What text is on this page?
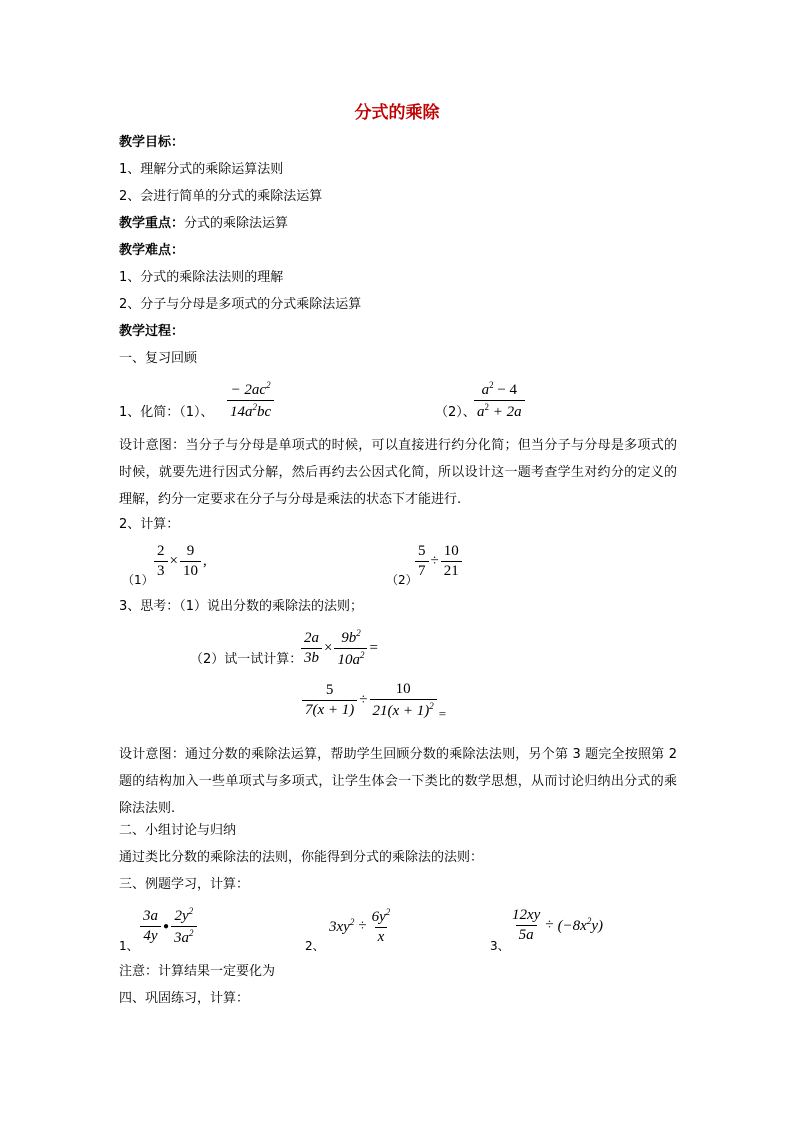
分式的乘除
教学目标：
1、理解分式的乘除运算法则
2、会进行简单的分式的乘除法运算
教学重点：分式的乘除法运算
教学难点：
1、分式的乘除法法则的理解
2、分子与分母是多项式的分式乘除法运算
教学过程：
一、复习回顾
1、化简：（1）、 $\frac{- 2ac^2}{14a^2bc}$	（2）、
$\frac{a^2 - 4}{a^2 + 2a}$
设计意图：当分子与分母是单项式的时候，可以直接进行约分化简；但当分子与分母是多项式的时候，就要先进行因式分解，然后再约去公因式化简，所以设计这一题考查学生对约分的定义的理解，约分一定要求在分子与分母是乘法的状态下才能进行.
2、计算：
$(1) \frac{2}{3} \times \frac{9}{10}$ ,
（2）
$\frac{5}{7} \div \frac{10}{21}$
3、思考：（1）说出分数的乘除法的法则；
（2）试一试计算：
$\frac{2a}{3b} \times \frac{9b^2}{10a^2}$ =
$\frac{5}{7(x + 1)} \div \frac{10}{21(x + 1)^2}$ =
设计意图：通过分数的乘除法运算，帮助学生回顾分数的乘除法法则，另个第 3 题完全按照第 2 题的结构加入一些单项式与多项式，让学生体会一下类比的数学思想，从而讨论归纳出分式的乘除法法则.
二、小组讨论与归纳
通过类比分数的乘除法的法则，你能得到分式的乘除法的法则：
三、例题学习，计算：
1、
$\frac{3a}{4y}$ ● $\frac{2y^2}{3a^2}$	2、
$3xy^2 \div \frac{6y^2}{x}$	3、
$\frac{12xy}{5a} \div (-8x^2y)$
注意：计算结果一定要化为
四、巩固练习，计算：
